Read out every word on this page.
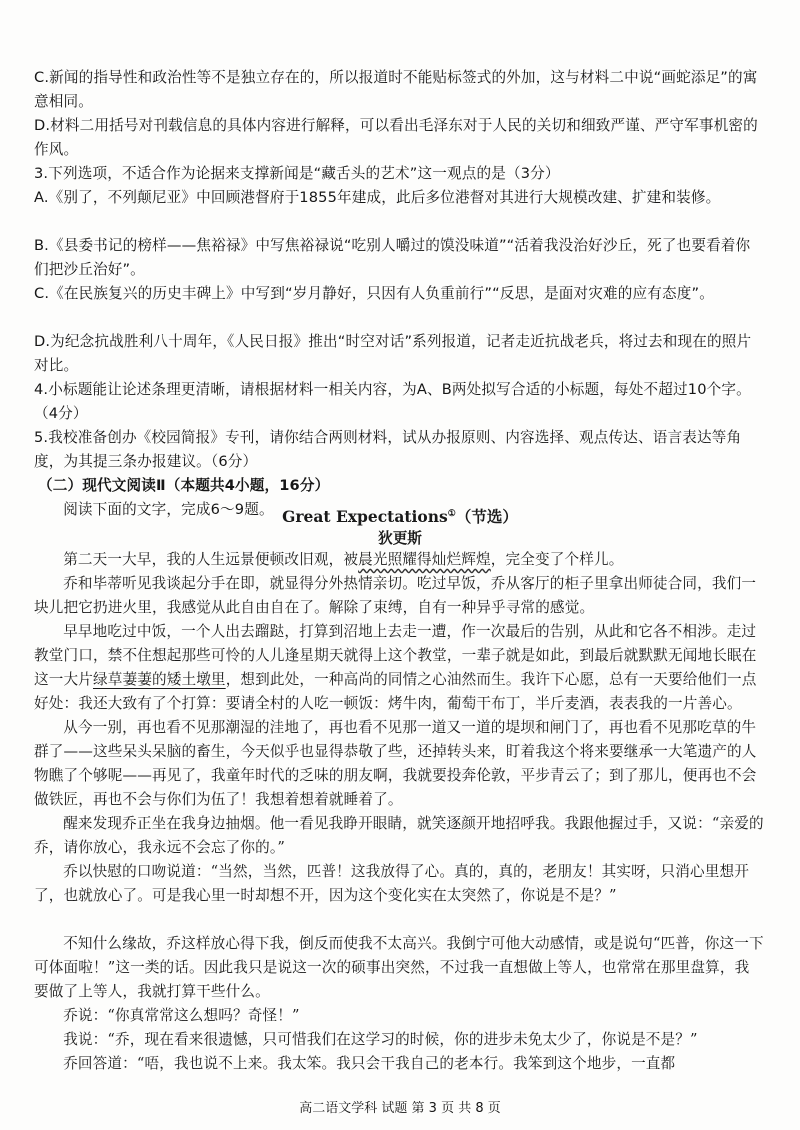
C.新闻的指导性和政治性等不是独立存在的，所以报道时不能贴标签式的外加，这与材料二中说“画蛇添足”的寓意相同。

D.材料二用括号对刊载信息的具体内容进行解释，可以看出毛泽东对于人民的关切和细致严谨、严守军事机密的作风。

3.下列选项，不适合作为论据来支撑新闻是“藏舌头的艺术”这一观点的是（3分）

A.《别了，不列颠尼亚》中回顾港督府于1855年建成，此后多位港督对其进行大规模改建、扩建和装修。

B.《县委书记的榜样——焦裕禄》中写焦裕禄说“吃别人嚼过的馍没味道”“活着我没治好沙丘，死了也要看着你们把沙丘治好”。

C.《在民族复兴的历史丰碑上》中写到“岁月静好，只因有人负重前行”“反思，是面对灾难的应有态度”。

D.为纪念抗战胜利八十周年，《人民日报》推出“时空对话”系列报道，记者走近抗战老兵，将过去和现在的照片对比。

4.小标题能让论述条理更清晰，请根据材料一相关内容，为A、B两处拟写合适的小标题，每处不超过10个字。（4分）

5.我校准备创办《校园简报》专刊，请你结合两则材料，试从办报原则、内容选择、观点传达、语言表达等角度，为其提三条办报建议。（6分）

（二）现代文阅读Ⅱ（本题共4小题，16分）

阅读下面的文字，完成6～9题。 Great Expectations①（节选）
狄更斯

第二天一大早，我的人生远景便顿改旧观，被晨光照耀得灿烂辉煌，完全变了个样儿。

乔和毕蒂听见我谈起分手在即，就显得分外热情亲切。吃过早饭，乔从客厅的柜子里拿出师徒合同，我们一块儿把它扔进火里，我感觉从此自由自在了。解除了束缚，自有一种异乎寻常的感觉。

早早地吃过中饭，一个人出去蹓跶，打算到沼地上去走一遭，作一次最后的告别，从此和它各不相涉。走过教堂门口，禁不住想起那些可怜的人儿逢星期天就得上这个教堂，一辈子就是如此，到最后就默默无闻地长眠在这一大片绿草萋萋的矮土墩里，想到此处，一种高尚的同情之心油然而生。我许下心愿，总有一天要给他们一点好处：我还大致有了个打算：要请全村的人吃一顿饭：烤牛肉，葡萄干布丁，半斤麦酒，表表我的一片善心。

从今一别，再也看不见那潮湿的洼地了，再也看不见那一道又一道的堤坝和闸门了，再也看不见那吃草的牛群了——这些呆头呆脑的畜生，今天似乎也显得恭敬了些，还掉转头来，盯着我这个将来要继承一大笔遗产的人物瞧了个够呢——再见了，我童年时代的乏味的朋友啊，我就要投奔伦敦，平步青云了；到了那儿，便再也不会做铁匠，再也不会与你们为伍了！我想着想着就睡着了。

醒来发现乔正坐在我身边抽烟。他一看见我睁开眼睛，就笑逐颜开地招呼我。我跟他握过手，又说：“亲爱的乔，请你放心，我永远不会忘了你的。”

乔以快慰的口吻说道：“当然，当然，匹普！这我放得了心。真的，真的，老朋友！其实呀，只消心里想开了，也就放心了。可是我心里一时却想不开，因为这个变化实在太突然了，你说是不是？”

不知什么缘故，乔这样放心得下我，倒反而使我不太高兴。我倒宁可他大动感情，或是说句“匹普，你这一下可体面啦！”这一类的话。因此我只是说这一次的硕事出突然，不过我一直想做上等人，也常常在那里盘算，我要做了上等人，我就打算干些什么。

乔说：“你真常常这么想吗？奇怪！”

我说：“乔，现在看来很遗憾，只可惜我们在这学习的时候，你的进步未免太少了，你说是不是？”

乔回答道：“唔，我也说不上来。我太笨。我只会干我自己的老本行。我笨到这个地步，一直都

高二语文学科 试题 第 3 页 共 8 页
